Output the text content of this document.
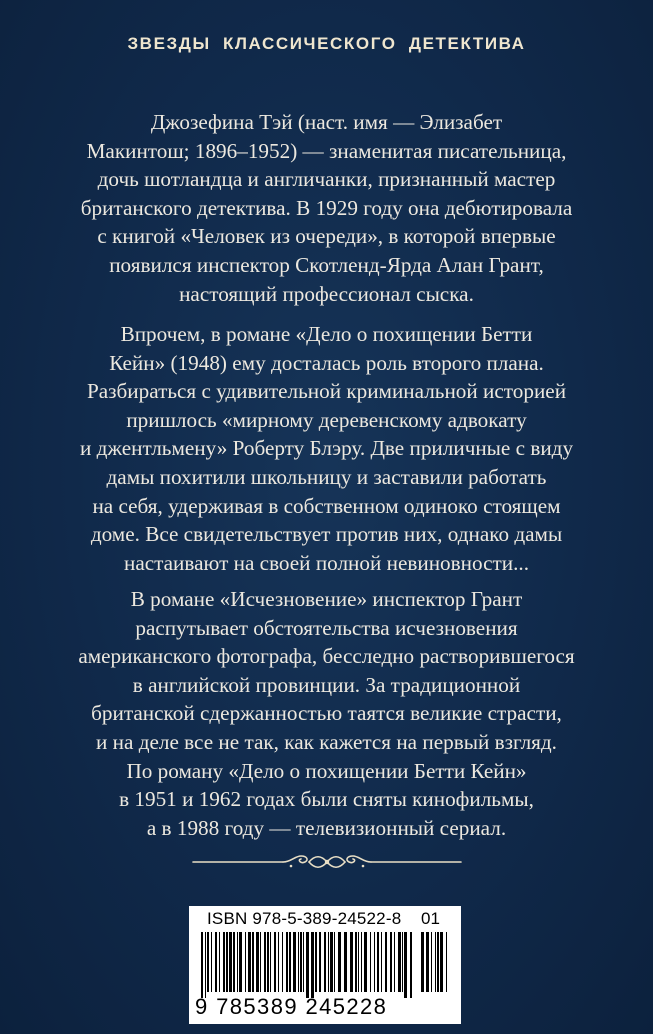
ЗВЕЗДЫ КЛАССИЧЕСКОГО ДЕТЕКТИВА

Джозефина Тэй (наст. имя — Элизабет
Макинтош; 1896–1952) — знаменитая писательница,
дочь шотландца и англичанки, признанный мастер
британского детектива. В 1929 году она дебютировала
с книгой «Человек из очереди», в которой впервые
появился инспектор Скотленд-Ярда Алан Грант,
настоящий профессионал сыска.

Впрочем, в романе «Дело о похищении Бетти
Кейн» (1948) ему досталась роль второго плана.
Разбираться с удивительной криминальной историей
пришлось «мирному деревенскому адвокату
и джентльмену» Роберту Блэру. Две приличные с виду
дамы похитили школьницу и заставили работать
на себя, удерживая в собственном одиноко стоящем
доме. Все свидетельствует против них, однако дамы
настаивают на своей полной невиновности...

В романе «Исчезновение» инспектор Грант
распутывает обстоятельства исчезновения
американского фотографа, бесследно растворившегося
в английской провинции. За традиционной
британской сдержанностью таятся великие страсти,
и на деле все не так, как кажется на первый взгляд.
По роману «Дело о похищении Бетти Кейн»
в 1951 и 1962 годах были сняты кинофильмы,
а в 1988 году — телевизионный сериал.

ISBN 978-5-389-24522-8 01
9 785389 245228
